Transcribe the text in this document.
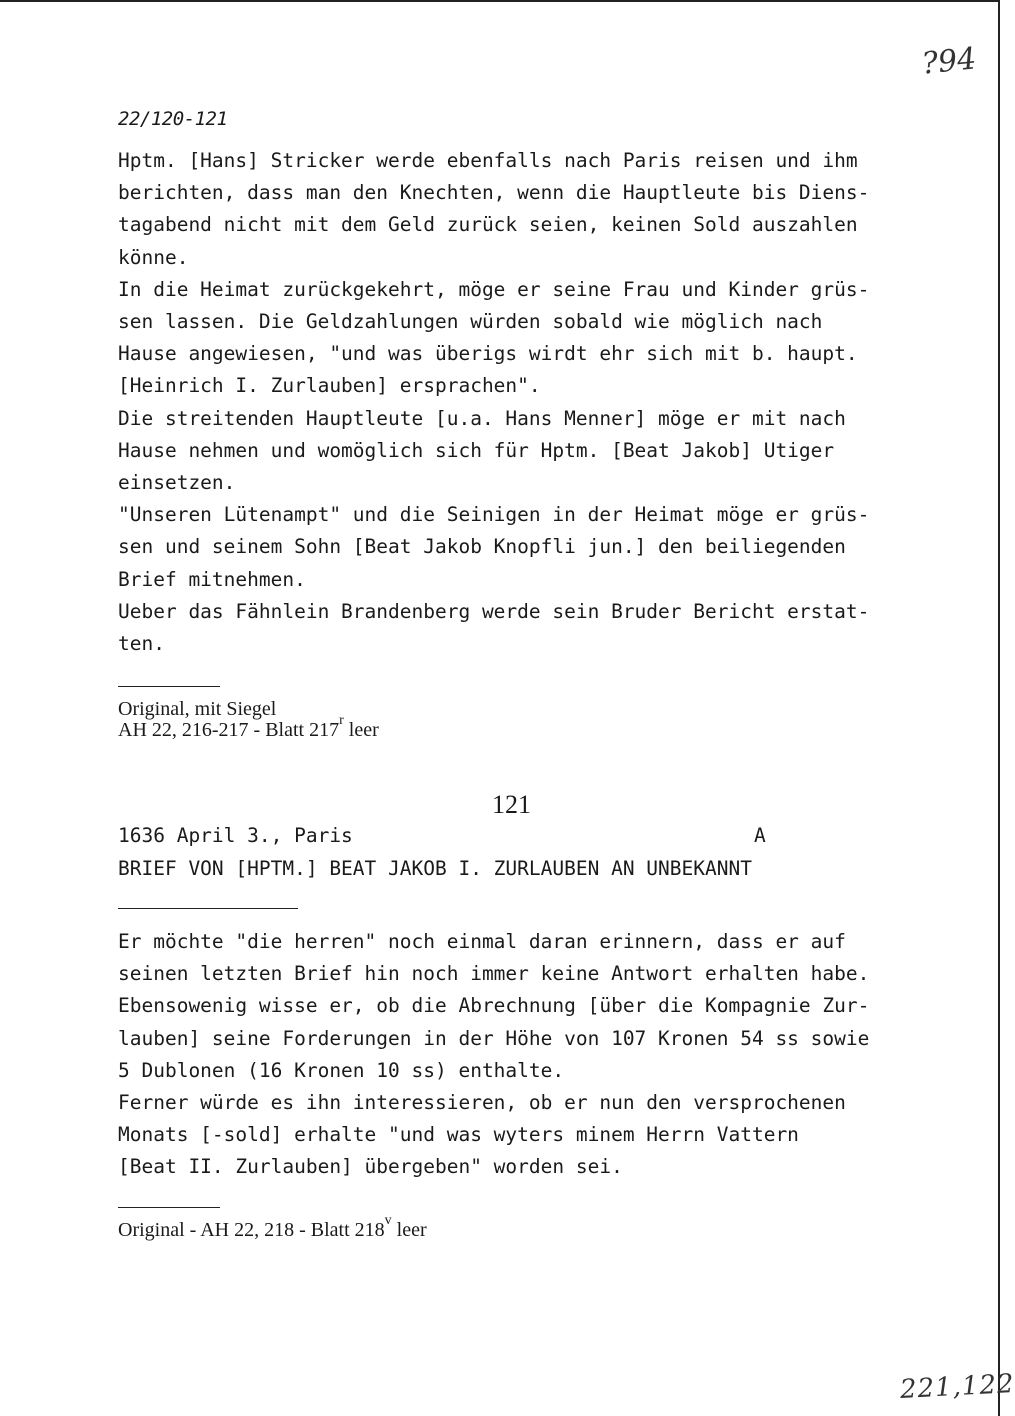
?94
22/120-121

Hptm. [Hans] Stricker werde ebenfalls nach Paris reisen und ihm

berichten, dass man den Knechten, wenn die Hauptleute bis Diens-

tagabend nicht mit dem Geld zurück seien, keinen Sold auszahlen

könne.

In die Heimat zurückgekehrt, möge er seine Frau und Kinder grüs-

sen lassen. Die Geldzahlungen würden sobald wie möglich nach

Hause angewiesen, "und was überigs wirdt ehr sich mit b. haupt.

[Heinrich I. Zurlauben] ersprachen".

Die streitenden Hauptleute [u.a. Hans Menner] möge er mit nach

Hause nehmen und womöglich sich für Hptm. [Beat Jakob] Utiger

einsetzen.

"Unseren Lütenampt" und die Seinigen in der Heimat möge er grüs-

sen und seinem Sohn [Beat Jakob Knopfli jun.] den beiliegenden

Brief mitnehmen.

Ueber das Fähnlein Brandenberg werde sein Bruder Bericht erstat-

ten.

Original, mit Siegel
AH 22, 216-217 - Blatt 217$^r$ leer
121
1636 April 3., Paris	A
BRIEF VON [HPTM.] BEAT JAKOB I. ZURLAUBEN AN UNBEKANNT

Er möchte "die herren" noch einmal daran erinnern, dass er auf

seinen letzten Brief hin noch immer keine Antwort erhalten habe.

Ebensowenig wisse er, ob die Abrechnung [über die Kompagnie Zur-

lauben] seine Forderungen in der Höhe von 107 Kronen 54 ss sowie

5 Dublonen (16 Kronen 10 ss) enthalte.

Ferner würde es ihn interessieren, ob er nun den versprochenen

Monats [-sold] erhalte "und was wyters minem Herrn Vattern

[Beat II. Zurlauben] übergeben" worden sei.

Original - AH 22, 218 - Blatt 218$^v$ leer
221,122
